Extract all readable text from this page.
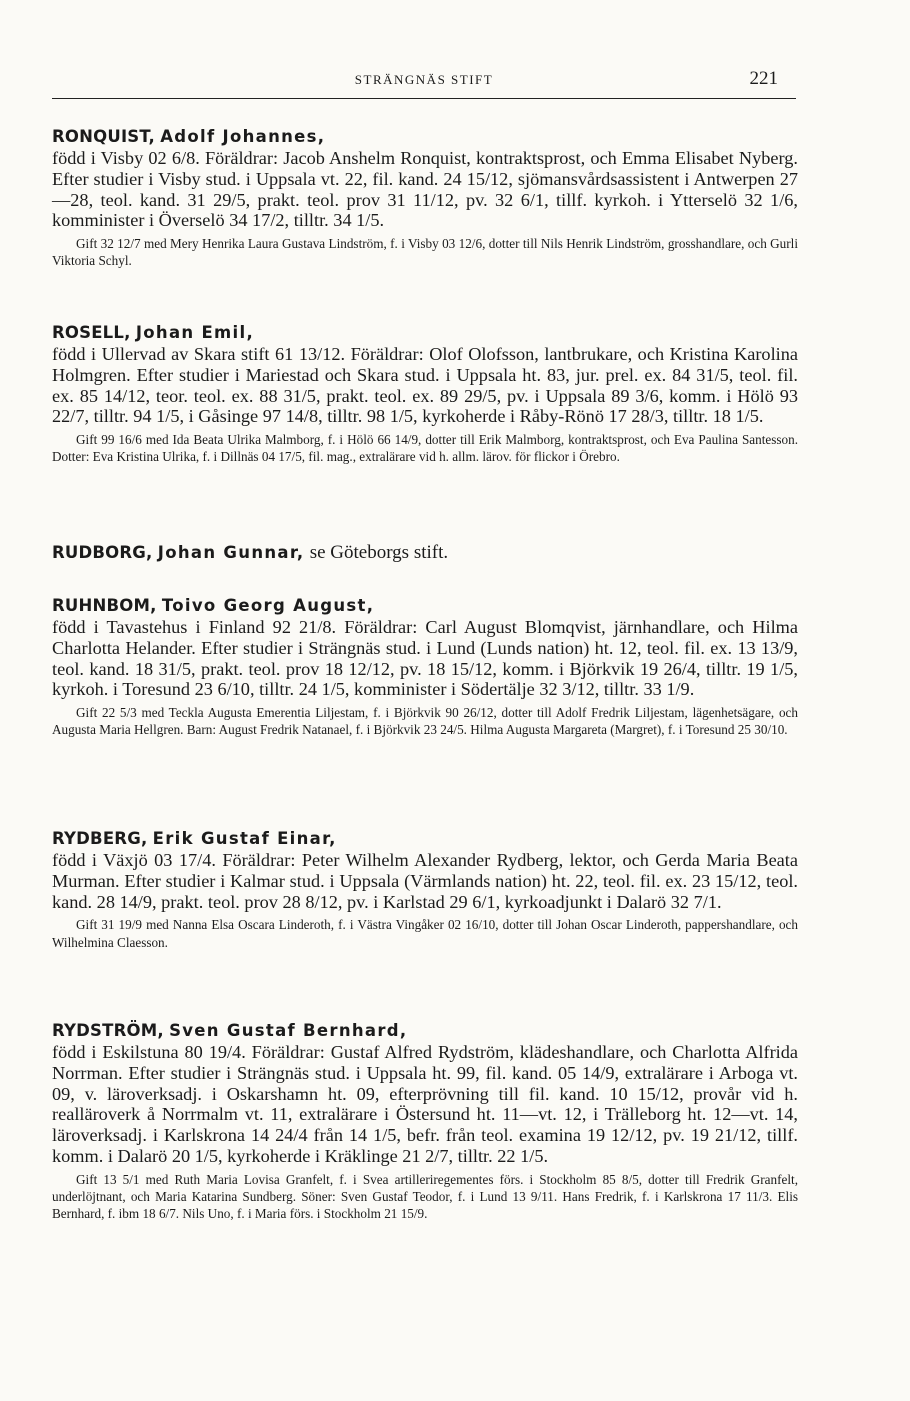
STRÄNGNÄS STIFT	221
RONQUIST, Adolf Johannes,

född i Visby 02 6/8. Föräldrar: Jacob Anshelm Ronquist, kontraktsprost, och Emma Elisabet Nyberg. Efter studier i Visby stud. i Uppsala vt. 22, fil. kand. 24 15/12, sjömansvårdsassistent i Antwerpen 27—28, teol. kand. 31 29/5, prakt. teol. prov 31 11/12, pv. 32 6/1, tillf. kyrkoh. i Ytterselö 32 1/6, komminister i Överselö 34 17/2, tilltr. 34 1/5.

Gift 32 12/7 med Mery Henrika Laura Gustava Lindström, f. i Visby 03 12/6, dotter till Nils Henrik Lindström, grosshandlare, och Gurli Viktoria Schyl.

ROSELL, Johan Emil,

född i Ullervad av Skara stift 61 13/12. Föräldrar: Olof Olofsson, lantbrukare, och Kristina Karolina Holmgren. Efter studier i Mariestad och Skara stud. i Uppsala ht. 83, jur. prel. ex. 84 31/5, teol. fil. ex. 85 14/12, teor. teol. ex. 88 31/5, prakt. teol. ex. 89 29/5, pv. i Uppsala 89 3/6, komm. i Hölö 93 22/7, tilltr. 94 1/5, i Gåsinge 97 14/8, tilltr. 98 1/5, kyrkoherde i Råby-Rönö 17 28/3, tilltr. 18 1/5.

Gift 99 16/6 med Ida Beata Ulrika Malmborg, f. i Hölö 66 14/9, dotter till Erik Malmborg, kontraktsprost, och Eva Paulina Santesson. Dotter: Eva Kristina Ulrika, f. i Dillnäs 04 17/5, fil. mag., extralärare vid h. allm. lärov. för flickor i Örebro.

RUDBORG, Johan Gunnar, se Göteborgs stift.
RUHNBOM, Toivo Georg August,

född i Tavastehus i Finland 92 21/8. Föräldrar: Carl August Blomqvist, järnhandlare, och Hilma Charlotta Helander. Efter studier i Strängnäs stud. i Lund (Lunds nation) ht. 12, teol. fil. ex. 13 13/9, teol. kand. 18 31/5, prakt. teol. prov 18 12/12, pv. 18 15/12, komm. i Björkvik 19 26/4, tilltr. 19 1/5, kyrkoh. i Toresund 23 6/10, tilltr. 24 1/5, komminister i Södertälje 32 3/12, tilltr. 33 1/9.

Gift 22 5/3 med Teckla Augusta Emerentia Liljestam, f. i Björkvik 90 26/12, dotter till Adolf Fredrik Liljestam, lägenhetsägare, och Augusta Maria Hellgren. Barn: August Fredrik Natanael, f. i Björkvik 23 24/5. Hilma Augusta Margareta (Margret), f. i Toresund 25 30/10.

RYDBERG, Erik Gustaf Einar,

född i Växjö 03 17/4. Föräldrar: Peter Wilhelm Alexander Rydberg, lektor, och Gerda Maria Beata Murman. Efter studier i Kalmar stud. i Uppsala (Värmlands nation) ht. 22, teol. fil. ex. 23 15/12, teol. kand. 28 14/9, prakt. teol. prov 28 8/12, pv. i Karlstad 29 6/1, kyrkoadjunkt i Dalarö 32 7/1.

Gift 31 19/9 med Nanna Elsa Oscara Linderoth, f. i Västra Vingåker 02 16/10, dotter till Johan Oscar Linderoth, pappershandlare, och Wilhelmina Claesson.

RYDSTRÖM, Sven Gustaf Bernhard,

född i Eskilstuna 80 19/4. Föräldrar: Gustaf Alfred Rydström, klädeshandlare, och Charlotta Alfrida Norrman. Efter studier i Strängnäs stud. i Uppsala ht. 99, fil. kand. 05 14/9, extralärare i Arboga vt. 09, v. läroverksadj. i Oskarshamn ht. 09, efterprövning till fil. kand. 10 15/12, provår vid h. realläroverk å Norrmalm vt. 11, extralärare i Östersund ht. 11—vt. 12, i Trälleborg ht. 12—vt. 14, läroverksadj. i Karlskrona 14 24/4 från 14 1/5, befr. från teol. examina 19 12/12, pv. 19 21/12, tillf. komm. i Dalarö 20 1/5, kyrkoherde i Kräklinge 21 2/7, tilltr. 22 1/5.

Gift 13 5/1 med Ruth Maria Lovisa Granfelt, f. i Svea artilleriregementes förs. i Stockholm 85 8/5, dotter till Fredrik Granfelt, underlöjtnant, och Maria Katarina Sundberg. Söner: Sven Gustaf Teodor, f. i Lund 13 9/11. Hans Fredrik, f. i Karlskrona 17 11/3. Elis Bernhard, f. ibm 18 6/7. Nils Uno, f. i Maria förs. i Stockholm 21 15/9.
